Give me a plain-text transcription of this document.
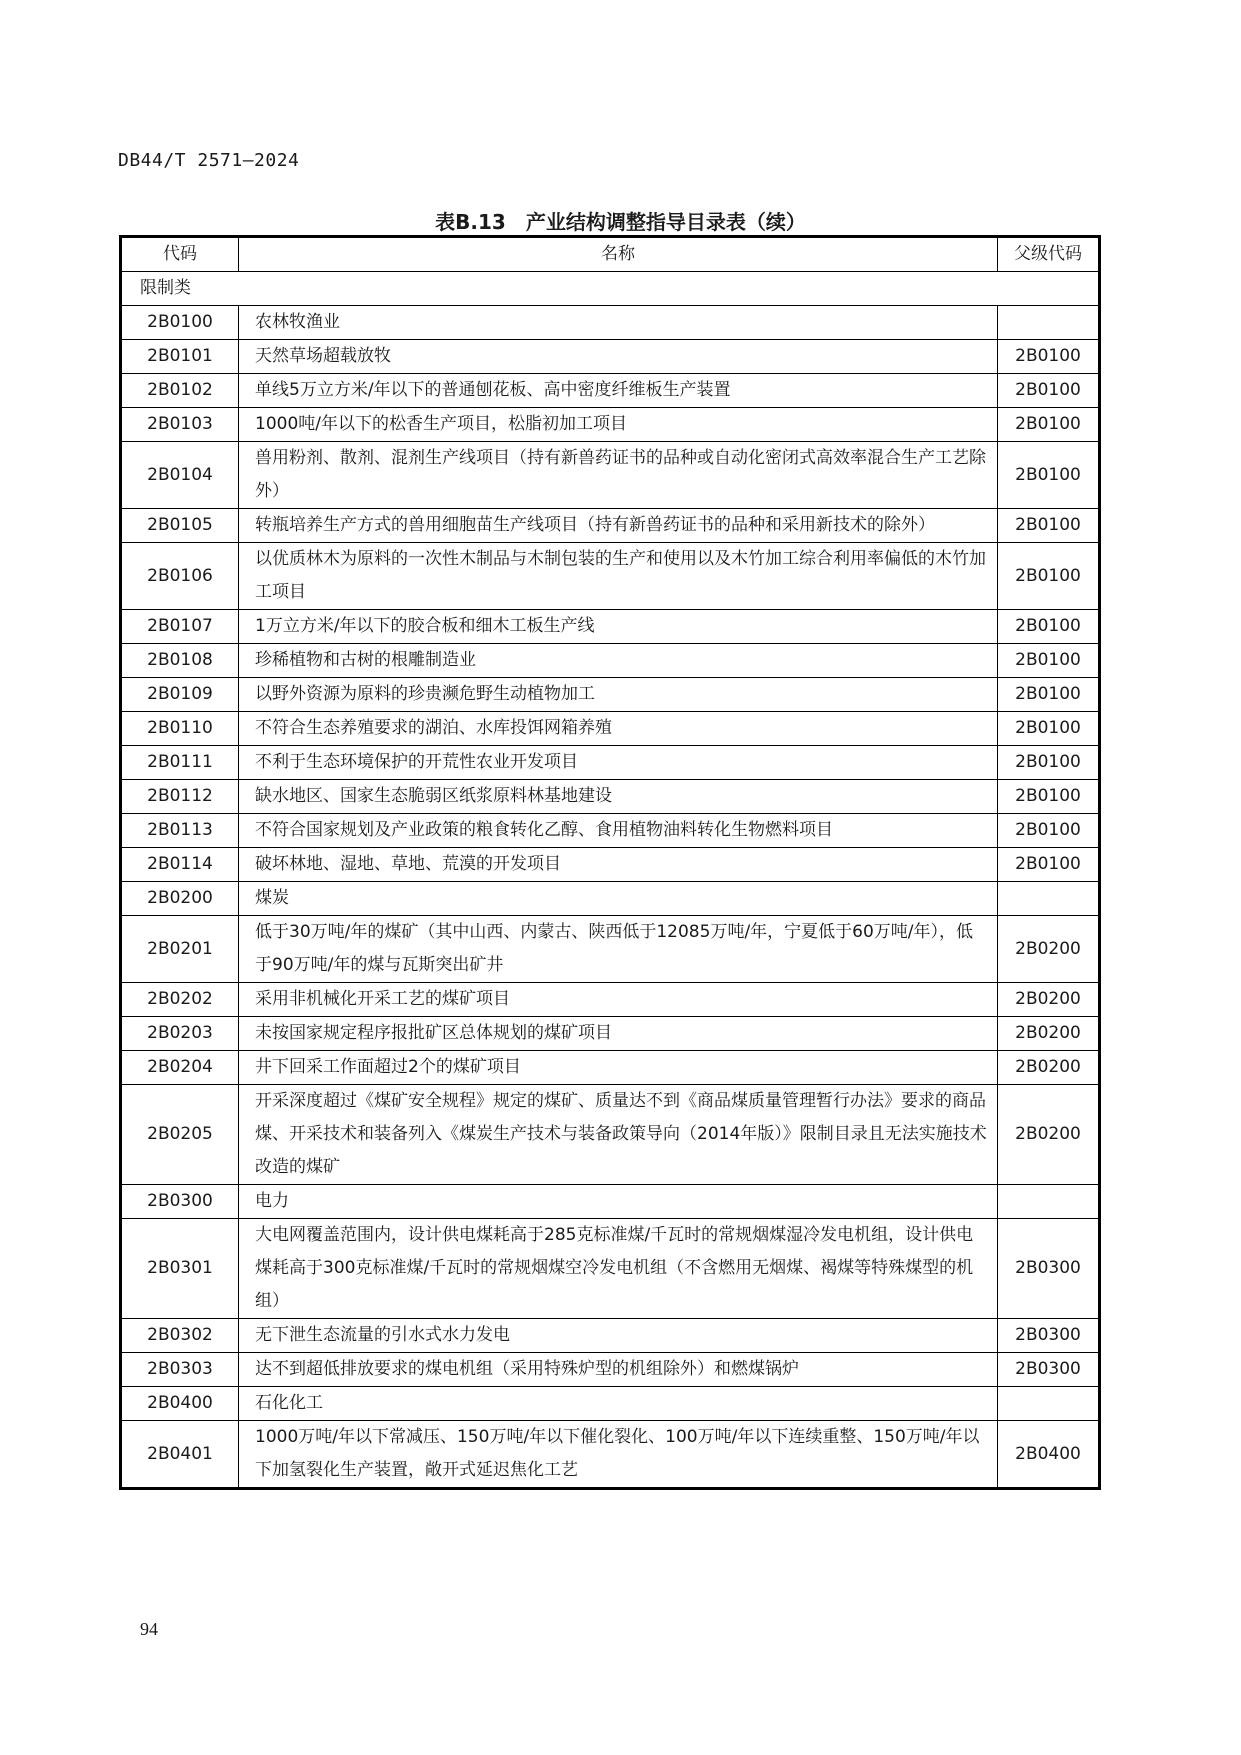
DB44/T 2571—2024
表B.13　产业结构调整指导目录表（续）
代码	名称	父级代码
限制类		
2B0100	农林牧渔业	
2B0101	天然草场超载放牧	2B0100
2B0102	单线5万立方米/年以下的普通刨花板、高中密度纤维板生产装置	2B0100
2B0103	1000吨/年以下的松香生产项目，松脂初加工项目	2B0100
2B0104	兽用粉剂、散剂、混剂生产线项目（持有新兽药证书的品种或自动化密闭式高效率混合生产工艺除外）	2B0100
2B0105	转瓶培养生产方式的兽用细胞苗生产线项目（持有新兽药证书的品种和采用新技术的除外）	2B0100
2B0106	以优质林木为原料的一次性木制品与木制包装的生产和使用以及木竹加工综合利用率偏低的木竹加工项目	2B0100
2B0107	1万立方米/年以下的胶合板和细木工板生产线	2B0100
2B0108	珍稀植物和古树的根雕制造业	2B0100
2B0109	以野外资源为原料的珍贵濒危野生动植物加工	2B0100
2B0110	不符合生态养殖要求的湖泊、水库投饵网箱养殖	2B0100
2B0111	不利于生态环境保护的开荒性农业开发项目	2B0100
2B0112	缺水地区、国家生态脆弱区纸浆原料林基地建设	2B0100
2B0113	不符合国家规划及产业政策的粮食转化乙醇、食用植物油料转化生物燃料项目	2B0100
2B0114	破坏林地、湿地、草地、荒漠的开发项目	2B0100
2B0200	煤炭	
2B0201	低于30万吨/年的煤矿（其中山西、内蒙古、陕西低于12085万吨/年，宁夏低于60万吨/年），低于90万吨/年的煤与瓦斯突出矿井	2B0200
2B0202	采用非机械化开采工艺的煤矿项目	2B0200
2B0203	未按国家规定程序报批矿区总体规划的煤矿项目	2B0200
2B0204	井下回采工作面超过2个的煤矿项目	2B0200
2B0205	开采深度超过《煤矿安全规程》规定的煤矿、质量达不到《商品煤质量管理暂行办法》要求的商品煤、开采技术和装备列入《煤炭生产技术与装备政策导向（2014年版）》限制目录且无法实施技术改造的煤矿	2B0200
2B0300	电力	
2B0301	大电网覆盖范围内，设计供电煤耗高于285克标准煤/千瓦时的常规烟煤湿冷发电机组，设计供电煤耗高于300克标准煤/千瓦时的常规烟煤空冷发电机组（不含燃用无烟煤、褐煤等特殊煤型的机组）	2B0300
2B0302	无下泄生态流量的引水式水力发电	2B0300
2B0303	达不到超低排放要求的煤电机组（采用特殊炉型的机组除外）和燃煤锅炉	2B0300
2B0400	石化化工	
2B0401	1000万吨/年以下常减压、150万吨/年以下催化裂化、100万吨/年以下连续重整、150万吨/年以下加氢裂化生产装置，敞开式延迟焦化工艺	2B0400
94
